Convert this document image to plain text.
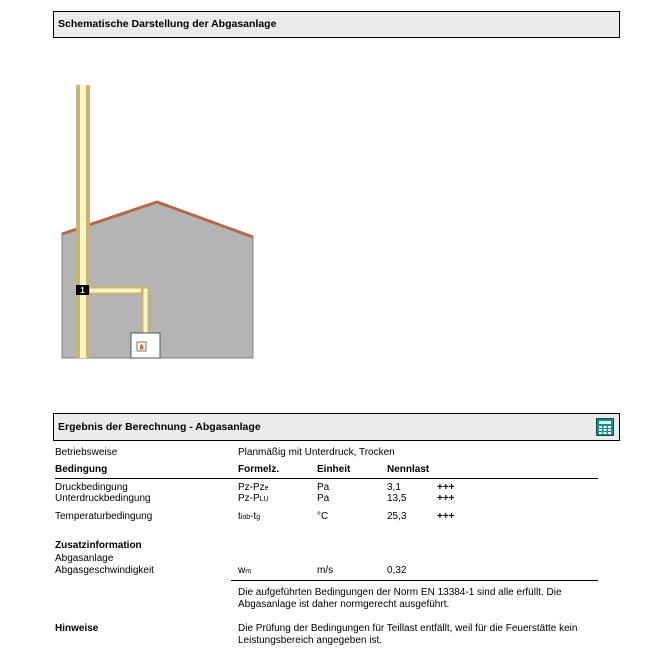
Schematische Darstellung der Abgasanlage
1
Ergebnis der Berechnung - Abgasanlage
Betriebsweise	Planmäßig mit Unterdruck, Trocken
Bedingung	Formelz.	Einheit	Nennlast
Druckbedingung	Pz-Pze	Pa	3,1	+++
Unterdruckbedingung	Pz-PLU	Pa	13,5	+++
Temperaturbedingung	tiob-tg	°C	25,3	+++
Zusatzinformation
Abgasanlage
Abgasgeschwindigkeit	wm	m/s	0,32
Die aufgeführten Bedingungen der Norm EN 13384-1 sind alle erfüllt. Die Abgasanlage ist daher normgerecht ausgeführt.
Hinweise	Die Prüfung der Bedingungen für Teillast entfällt, weil für die Feuerstätte kein Leistungsbereich angegeben ist.
